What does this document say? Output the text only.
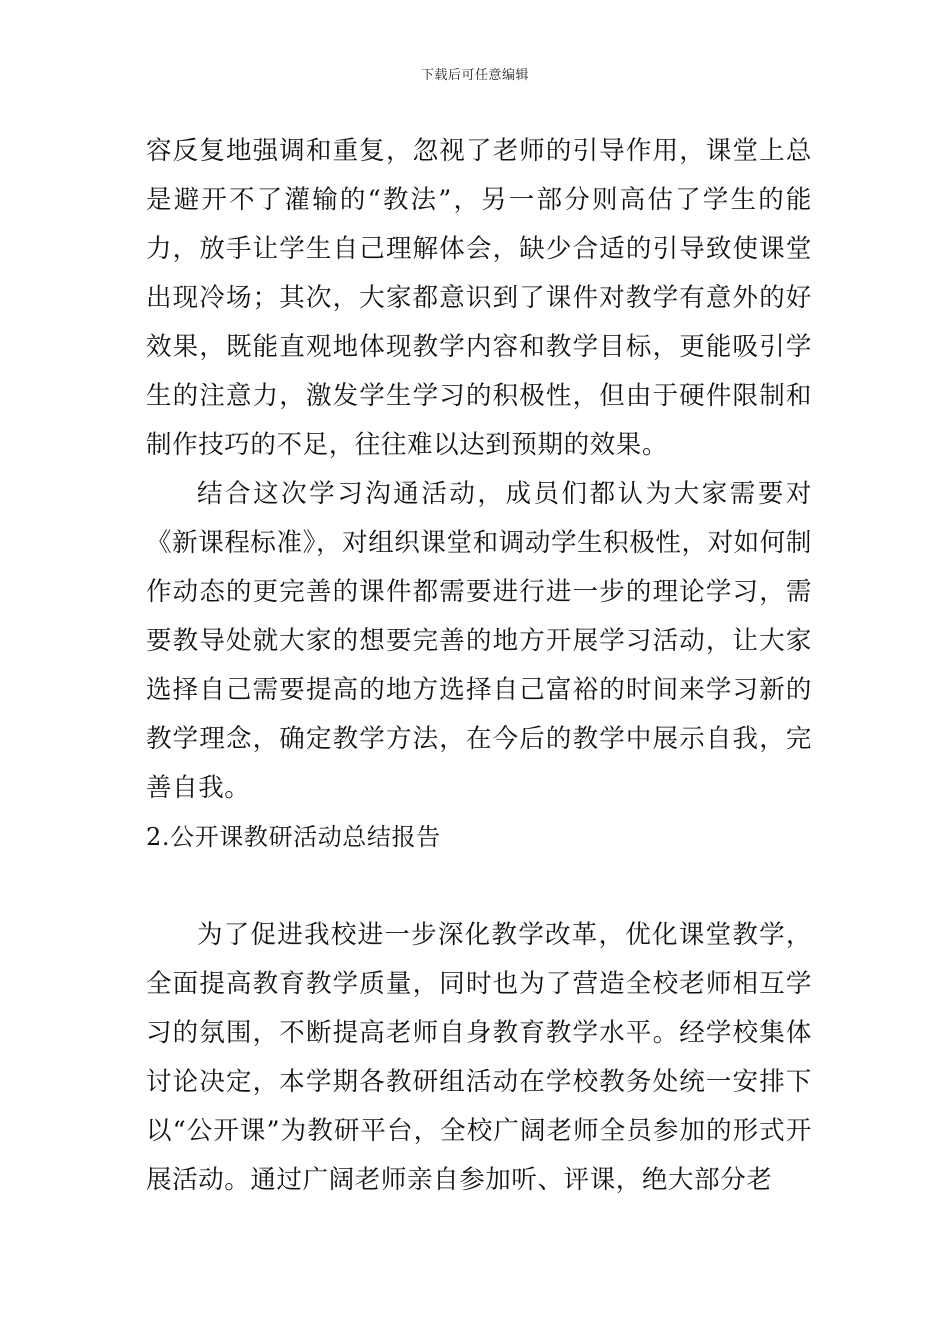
下载后可任意编辑

容反复地强调和重复，忽视了老师的引导作用，课堂上总是避开不了灌输的“教法”，另一部分则高估了学生的能力，放手让学生自己理解体会，缺少合适的引导致使课堂出现冷场；其次，大家都意识到了课件对教学有意外的好效果，既能直观地体现教学内容和教学目标，更能吸引学生的注意力，激发学生学习的积极性，但由于硬件限制和制作技巧的不足，往往难以达到预期的效果。

结合这次学习沟通活动，成员们都认为大家需要对《新课程标准》，对组织课堂和调动学生积极性，对如何制作动态的更完善的课件都需要进行进一步的理论学习，需要教导处就大家的想要完善的地方开展学习活动，让大家选择自己需要提高的地方选择自己富裕的时间来学习新的教学理念，确定教学方法，在今后的教学中展示自我，完善自我。

2.公开课教研活动总结报告

为了促进我校进一步深化教学改革，优化课堂教学，全面提高教育教学质量，同时也为了营造全校老师相互学习的氛围，不断提高老师自身教育教学水平。经学校集体讨论决定，本学期各教研组活动在学校教务处统一安排下以“公开课”为教研平台，全校广阔老师全员参加的形式开展活动。通过广阔老师亲自参加听、评课，绝大部分老
